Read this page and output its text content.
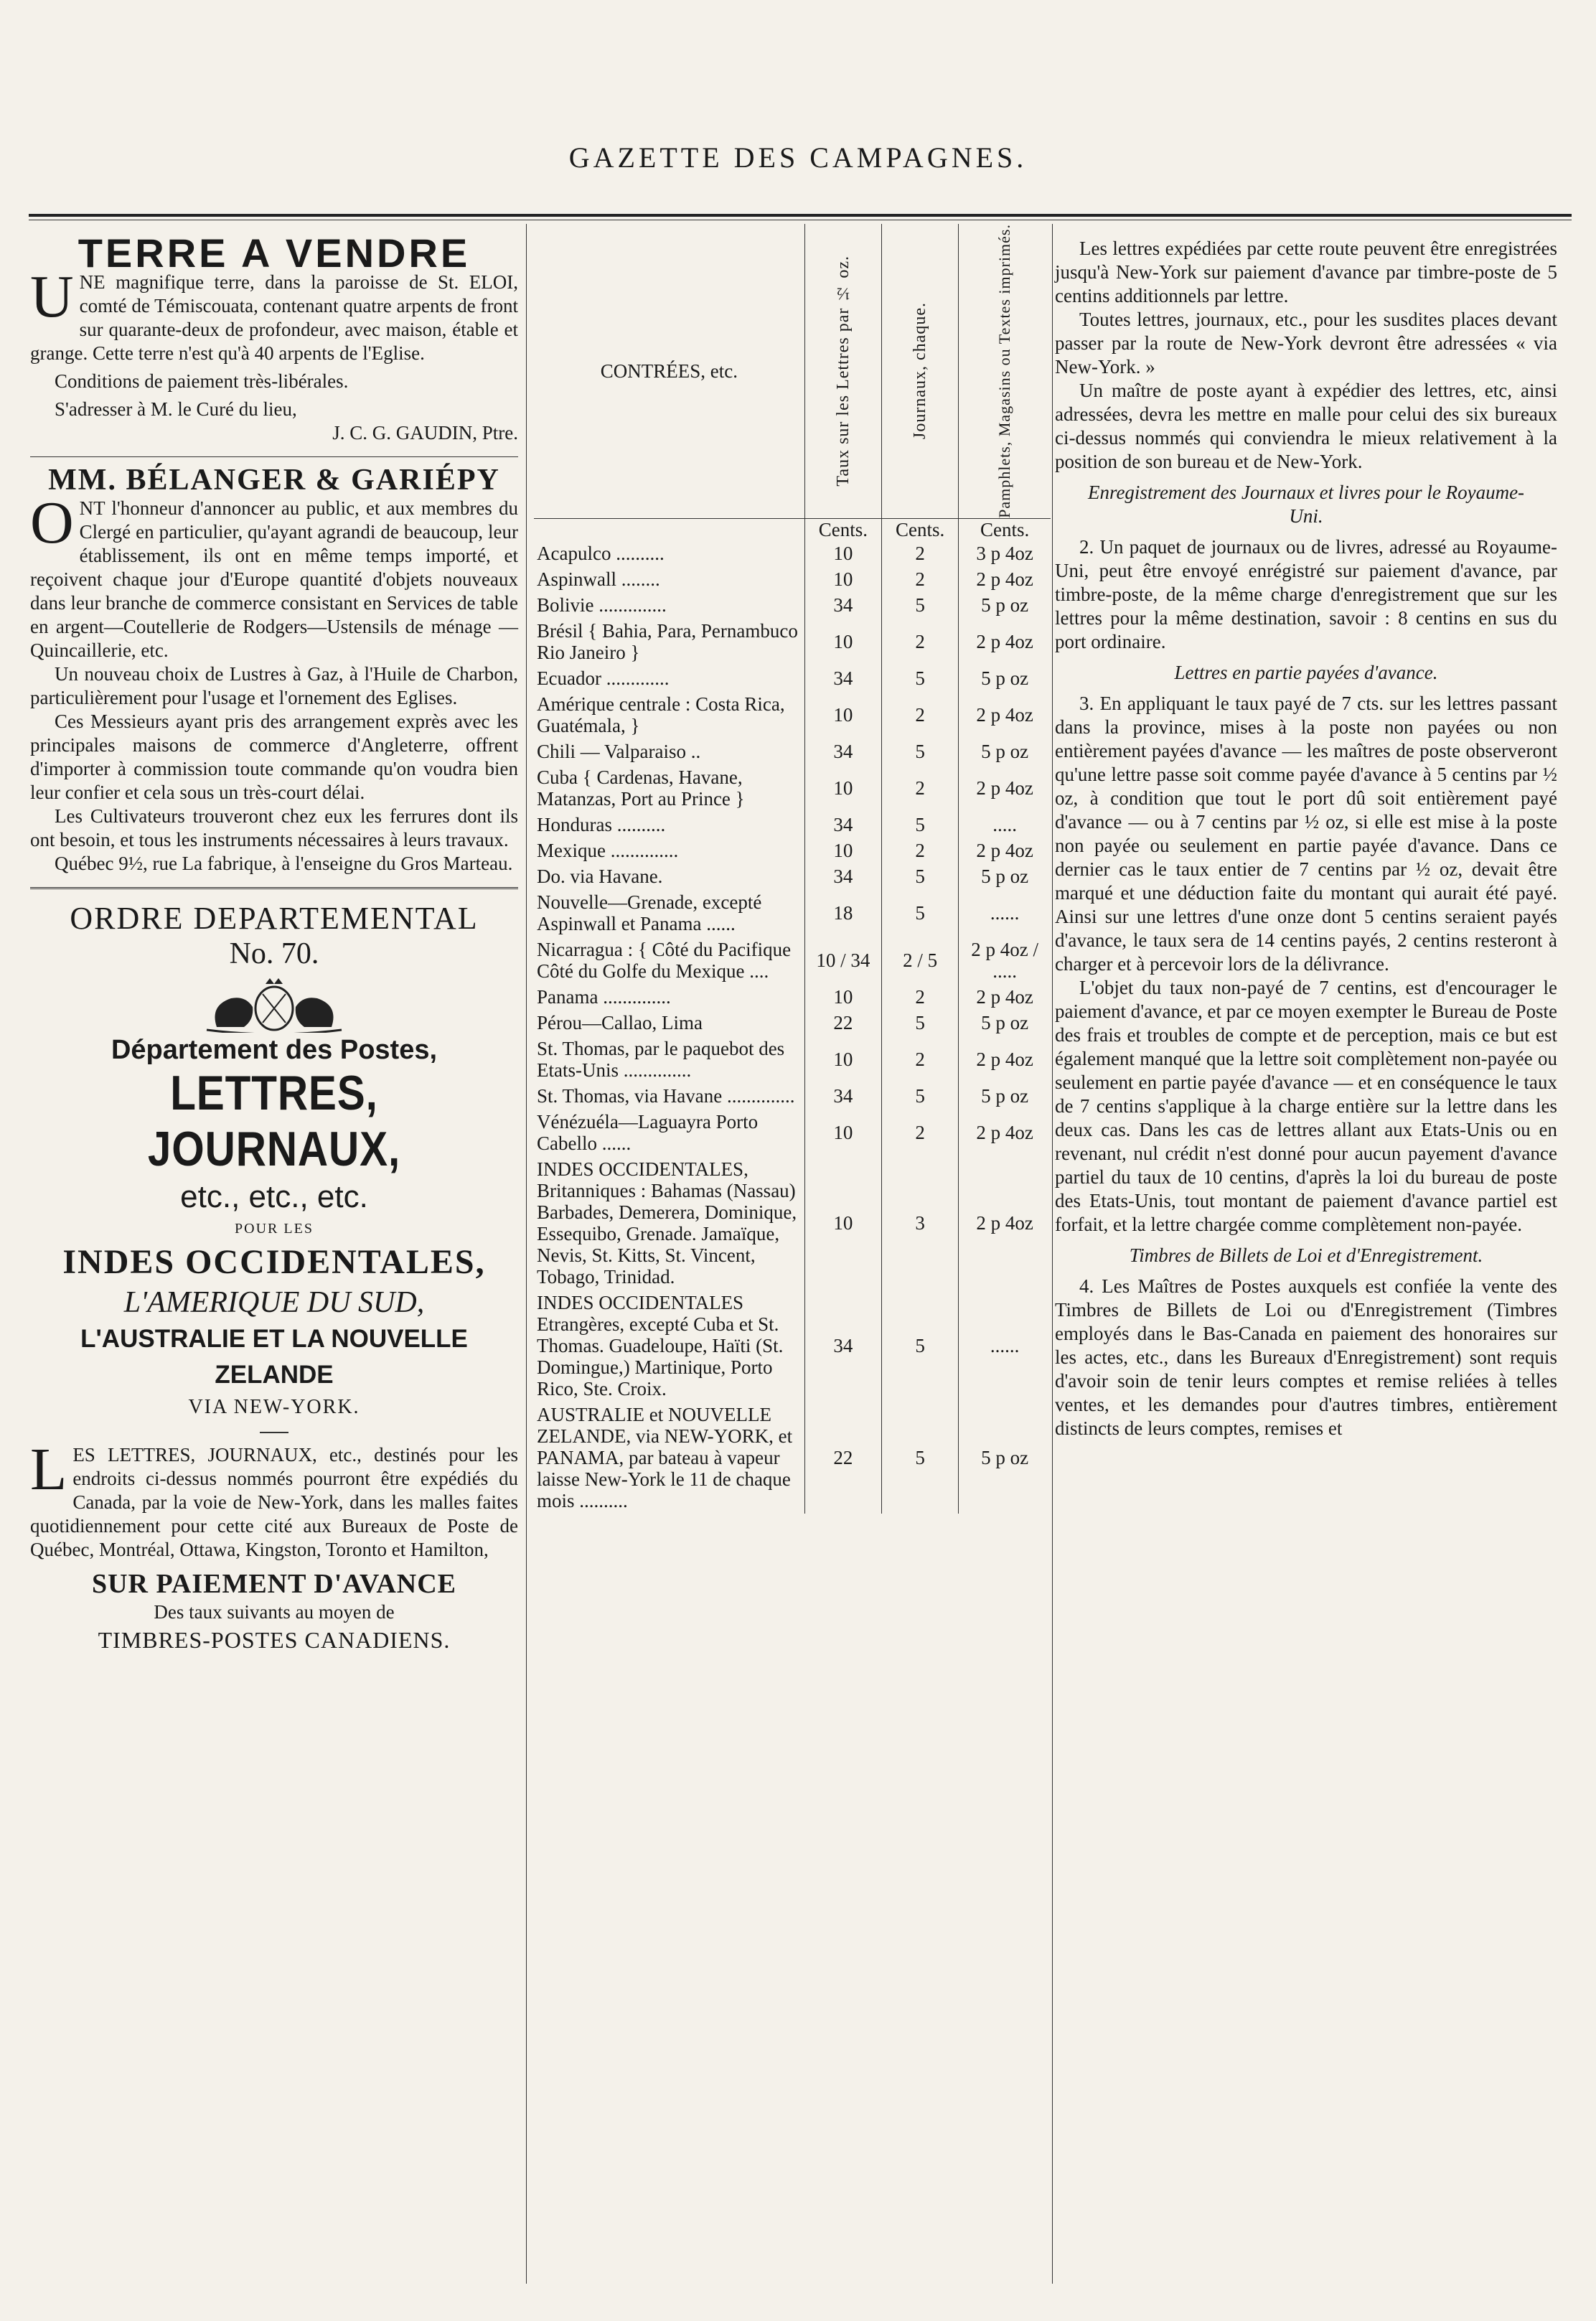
GAZETTE DES CAMPAGNES.
TERRE A VENDRE

U NE magnifique terre, dans la paroisse de St. ELOI, comté de Témiscouata, contenant quatre arpents de front sur quarante-deux de profondeur, avec maison, étable et grange. Cette terre n'est qu'à 40 arpents de l'Eglise.

Conditions de paiement très-libérales.

S'adresser à M. le Curé du lieu,

J. C. G. GAUDIN, Ptre.

MM. BÉLANGER & GARIÉPY

O NT l'honneur d'annoncer au public, et aux membres du Clergé en particulier, qu'ayant agrandi de beaucoup, leur établissement, ils ont en même temps importé, et reçoivent chaque jour d'Europe quantité d'objets nouveaux dans leur branche de commerce consistant en Services de table en argent—Coutellerie de Rodgers—Ustensils de ménage — Quincaillerie, etc.

Un nouveau choix de Lustres à Gaz, à l'Huile de Charbon, particulièrement pour l'usage et l'ornement des Eglises.

Ces Messieurs ayant pris des arrangement exprès avec les principales maisons de commerce d'Angleterre, offrent d'importer à commission toute commande qu'on voudra bien leur confier et cela sous un très-court délai.

Les Cultivateurs trouveront chez eux les ferrures dont ils ont besoin, et tous les instruments nécessaires à leurs travaux.

Québec 9½, rue La fabrique, à l'enseigne du Gros Marteau.

ORDRE DEPARTEMENTAL
No. 70.
Département des Postes,
LETTRES, JOURNAUX,
etc., etc., etc.
POUR LES
INDES OCCIDENTALES,
L'AMERIQUE DU SUD,
L'AUSTRALIE ET LA NOUVELLE ZELANDE
VIA NEW-YORK.

L ES LETTRES, JOURNAUX, etc., destinés pour les endroits ci-dessus nommés pourront être expédiés du Canada, par la voie de New-York, dans les malles faites quotidiennement pour cette cité aux Bureaux de Poste de Québec, Montréal, Ottawa, Kingston, Toronto et Hamilton,

SUR PAIEMENT D'AVANCE
Des taux suivants au moyen de
TIMBRES-POSTES CANADIENS.
CONTRÉES, etc.	Taux sur les Lettres par ½ oz.	Journaux, chaque.	Pamphlets, Magasins ou Textes imprimés.

	Cents.	Cents.	Cents.
Acapulco ..........	10	2	3 p 4oz
Aspinwall ........	10	2	2 p 4oz
Bolivie ..............	34	5	5 p oz
Brésil { Bahia, Para, Pernambuco Rio Janeiro }	10	2	2 p 4oz
Ecuador .............	34	5	5 p oz
Amérique centrale : Costa Rica, Guatémala, }	10	2	2 p 4oz
Chili — Valparaiso ..	34	5	5 p oz
Cuba { Cardenas, Havane, Matanzas, Port au Prince }	10	2	2 p 4oz
Honduras ..........	34	5	.....
Mexique ..............	10	2	2 p 4oz
Do. via Havane.	34	5	5 p oz
Nouvelle—Grenade, excepté Aspinwall et Panama ......	18	5	......
Nicarragua : { Côté du Pacifique Côté du Golfe du Mexique ....	10 / 34	2 / 5	2 p 4oz / .....
Panama ..............	10	2	2 p 4oz
Pérou—Callao, Lima	22	5	5 p oz
St. Thomas, par le paquebot des Etats-Unis ..............	10	2	2 p 4oz
St. Thomas, via Havane ..............	34	5	5 p oz
Vénézuéla—Laguayra Porto Cabello ......	10	2	2 p 4oz
INDES OCCIDENTALES, Britanniques : Bahamas (Nassau) Barbades, Demerera, Dominique, Essequibo, Grenade. Jamaïque, Nevis, St. Kitts, St. Vincent, Tobago, Trinidad.	10	3	2 p 4oz
INDES OCCIDENTALES Etrangères, excepté Cuba et St. Thomas. Guadeloupe, Haïti (St. Domingue,) Martinique, Porto Rico, Ste. Croix.	34	5	......
AUSTRALIE et NOUVELLE ZELANDE, via NEW-YORK, et PANAMA, par bateau à vapeur laisse New-York le 11 de chaque mois ..........	22	5	5 p oz

Les lettres expédiées par cette route peuvent être enregistrées jusqu'à New-York sur paiement d'avance par timbre-poste de 5 centins additionnels par lettre.

Toutes lettres, journaux, etc., pour les susdites places devant passer par la route de New-York devront être adressées « via New-York. »

Un maître de poste ayant à expédier des lettres, etc, ainsi adressées, devra les mettre en malle pour celui des six bureaux ci-dessus nommés qui conviendra le mieux relativement à la position de son bureau et de New-York.

Enregistrement des Journaux et livres pour le Royaume-Uni.

2. Un paquet de journaux ou de livres, adressé au Royaume-Uni, peut être envoyé enrégistré sur paiement d'avance, par timbre-poste, de la même charge d'enregistrement que sur les lettres pour la même destination, savoir : 8 centins en sus du port ordinaire.

Lettres en partie payées d'avance.

3. En appliquant le taux payé de 7 cts. sur les lettres passant dans la province, mises à la poste non payées ou non entièrement payées d'avance — les maîtres de poste observeront qu'une lettre passe soit comme payée d'avance à 5 centins par ½ oz, à condition que tout le port dû soit entièrement payé d'avance — ou à 7 centins par ½ oz, si elle est mise à la poste non payée ou seulement en partie payée d'avance. Dans ce dernier cas le taux entier de 7 centins par ½ oz, devait être marqué et une déduction faite du montant qui aurait été payé. Ainsi sur une lettres d'une onze dont 5 centins seraient payés d'avance, le taux sera de 14 centins payés, 2 centins resteront à charger et à percevoir lors de la délivrance.

L'objet du taux non-payé de 7 centins, est d'encourager le paiement d'avance, et par ce moyen exempter le Bureau de Poste des frais et troubles de compte et de perception, mais ce but est également manqué que la lettre soit complètement non-payée ou seulement en partie payée d'avance — et en conséquence le taux de 7 centins s'applique à la charge entière sur la lettre dans les deux cas. Dans les cas de lettres allant aux Etats-Unis ou en revenant, nul crédit n'est donné pour aucun payement d'avance partiel du taux de 10 centins, d'après la loi du bureau de poste des Etats-Unis, tout montant de paiement d'avance partiel est forfait, et la lettre chargée comme complètement non-payée.

Timbres de Billets de Loi et d'Enregistrement.

4. Les Maîtres de Postes auxquels est confiée la vente des Timbres de Billets de Loi ou d'Enregistrement (Timbres employés dans le Bas-Canada en paiement des honoraires sur les actes, etc., dans les Bureaux d'Enregistrement) sont requis d'avoir soin de tenir leurs comptes et remise reliées à telles ventes, et les demandes pour d'autres timbres, entièrement distincts de leurs comptes, remises et
